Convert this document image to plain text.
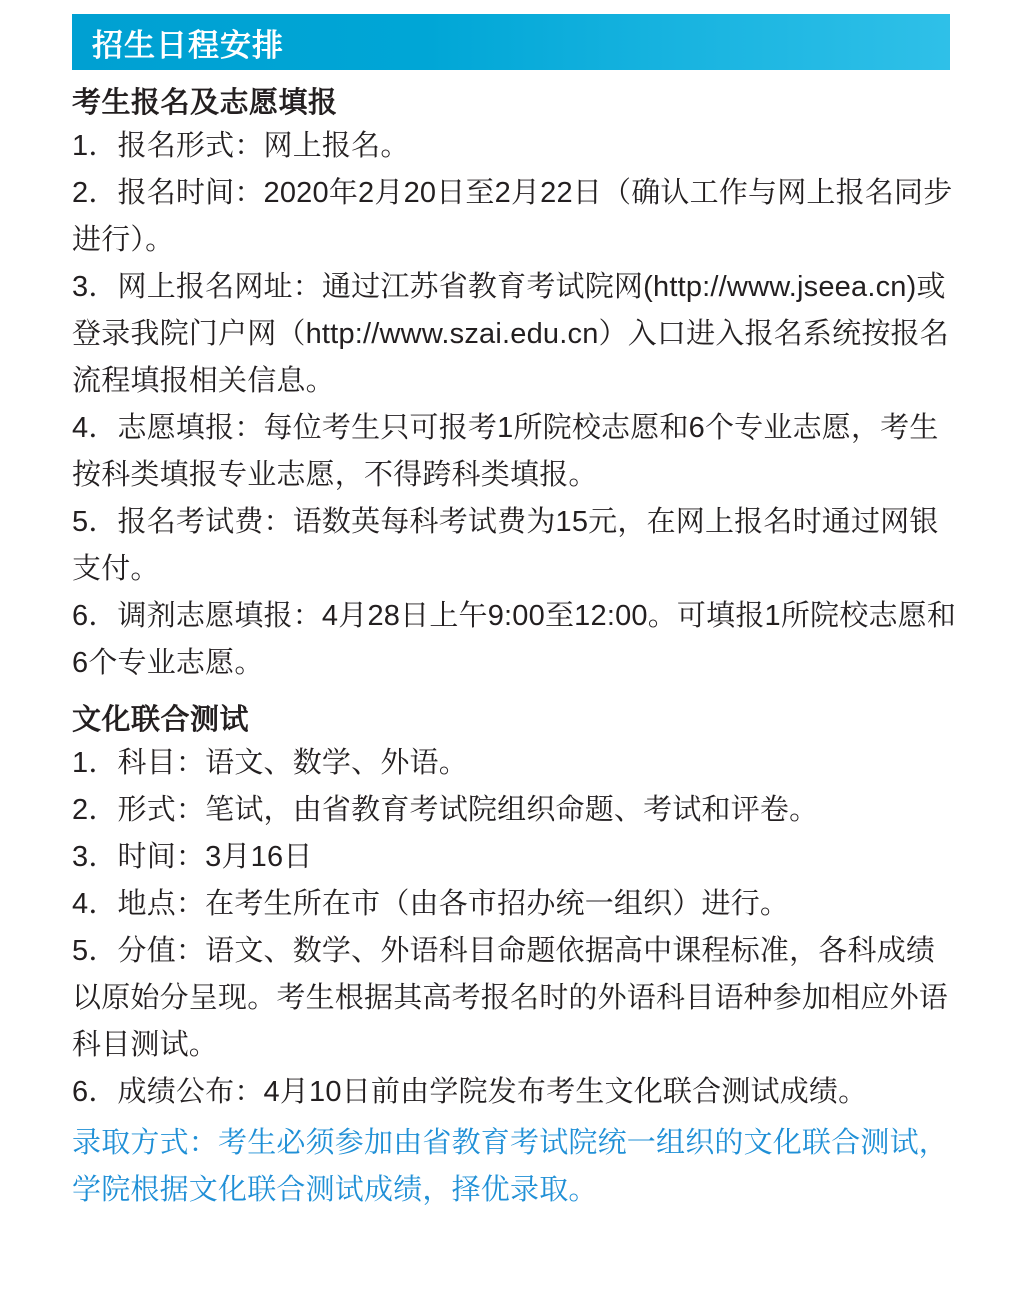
招生日程安排
考生报名及志愿填报

1．报名形式：网上报名。

2．报名时间：2020年2月20日至2月22日（确认工作与网上报名同步进行）。

3．网上报名网址：通过江苏省教育考试院网(http://www.jseea.cn)或登录我院门户网（http://www.szai.edu.cn）入口进入报名系统按报名流程填报相关信息。

4．志愿填报：每位考生只可报考1所院校志愿和6个专业志愿，考生按科类填报专业志愿，不得跨科类填报。

5．报名考试费：语数英每科考试费为15元，在网上报名时通过网银支付。

6．调剂志愿填报：4月28日上午9:00至12:00。可填报1所院校志愿和6个专业志愿。

文化联合测试

1．科目：语文、数学、外语。

2．形式：笔试，由省教育考试院组织命题、考试和评卷。

3．时间：3月16日

4．地点：在考生所在市（由各市招办统一组织）进行。

5．分值：语文、数学、外语科目命题依据高中课程标准，各科成绩以原始分呈现。考生根据其高考报名时的外语科目语种参加相应外语科目测试。

6．成绩公布：4月10日前由学院发布考生文化联合测试成绩。

录取方式：考生必须参加由省教育考试院统一组织的文化联合测试，学院根据文化联合测试成绩，择优录取。
